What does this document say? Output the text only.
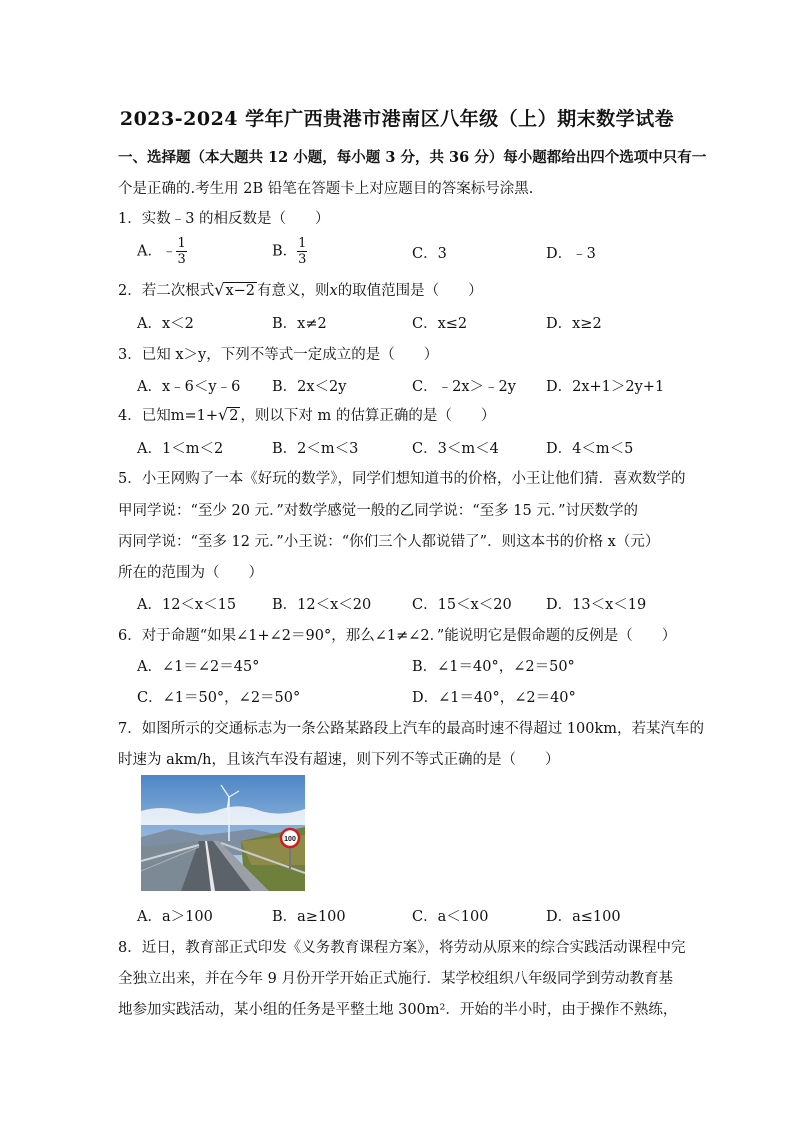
2023-2024 学年广西贵港市港南区八年级（上）期末数学试卷
一、选择题（本大题共 12 小题，每小题 3 分，共 36 分）每小题都给出四个选项中只有一
个是正确的.考生用 2B 铅笔在答题卡上对应题目的答案标号涂黑.
1．实数﹣3 的相反数是（　　）
A．﹣ $\frac{1}{3}$	B． $\frac{1}{3}$	C．3	D．﹣3
2．若二次根式√x−2 有意义，则x的取值范围是（　　）
A．x＜2	B．x≠2	C．x≤2	D．x≥2
3．已知 x＞y，下列不等式一定成立的是（　　）
A．x﹣6＜y﹣6 B．2x＜2y	C．﹣2x＞﹣2y D．2x+1＞2y+1
4．已知m=1+√2 ，则以下对 m 的估算正确的是（　　）
A．1＜m＜2	B．2＜m＜3	C．3＜m＜4	D．4＜m＜5
5．小王网购了一本《好玩的数学》，同学们想知道书的价格，小王让他们猜．喜欢数学的
甲同学说：“至少 20 元．”对数学感觉一般的乙同学说：“至多 15 元．”讨厌数学的
丙同学说：“至多 12 元．”小王说：“你们三个人都说错了”．则这本书的价格 x（元）
所在的范围为（　　）
A．12＜x＜15 B．12＜x＜20	C．15＜x＜20 D．13＜x＜19
6．对于命题“如果∠1+∠2＝90°，那么∠1≠∠2．”能说明它是假命题的反例是（　　）
A．∠1＝∠2＝45°	B．∠1＝40°，∠2＝50°
C．∠1＝50°，∠2＝50°	D．∠1＝40°，∠2＝40°
7．如图所示的交通标志为一条公路某路段上汽车的最高时速不得超过 100km，若某汽车的
时速为 akm/h，且该汽车没有超速，则下列不等式正确的是（　　）
100
A．a＞100	B．a≥100	C．a＜100	D．a≤100
8．近日，教育部正式印发《义务教育课程方案》，将劳动从原来的综合实践活动课程中完
全独立出来，并在今年 9 月份开学开始正式施行．某学校组织八年级同学到劳动教育基
地参加实践活动，某小组的任务是平整土地 300m²．开始的半小时，由于操作不熟练，
